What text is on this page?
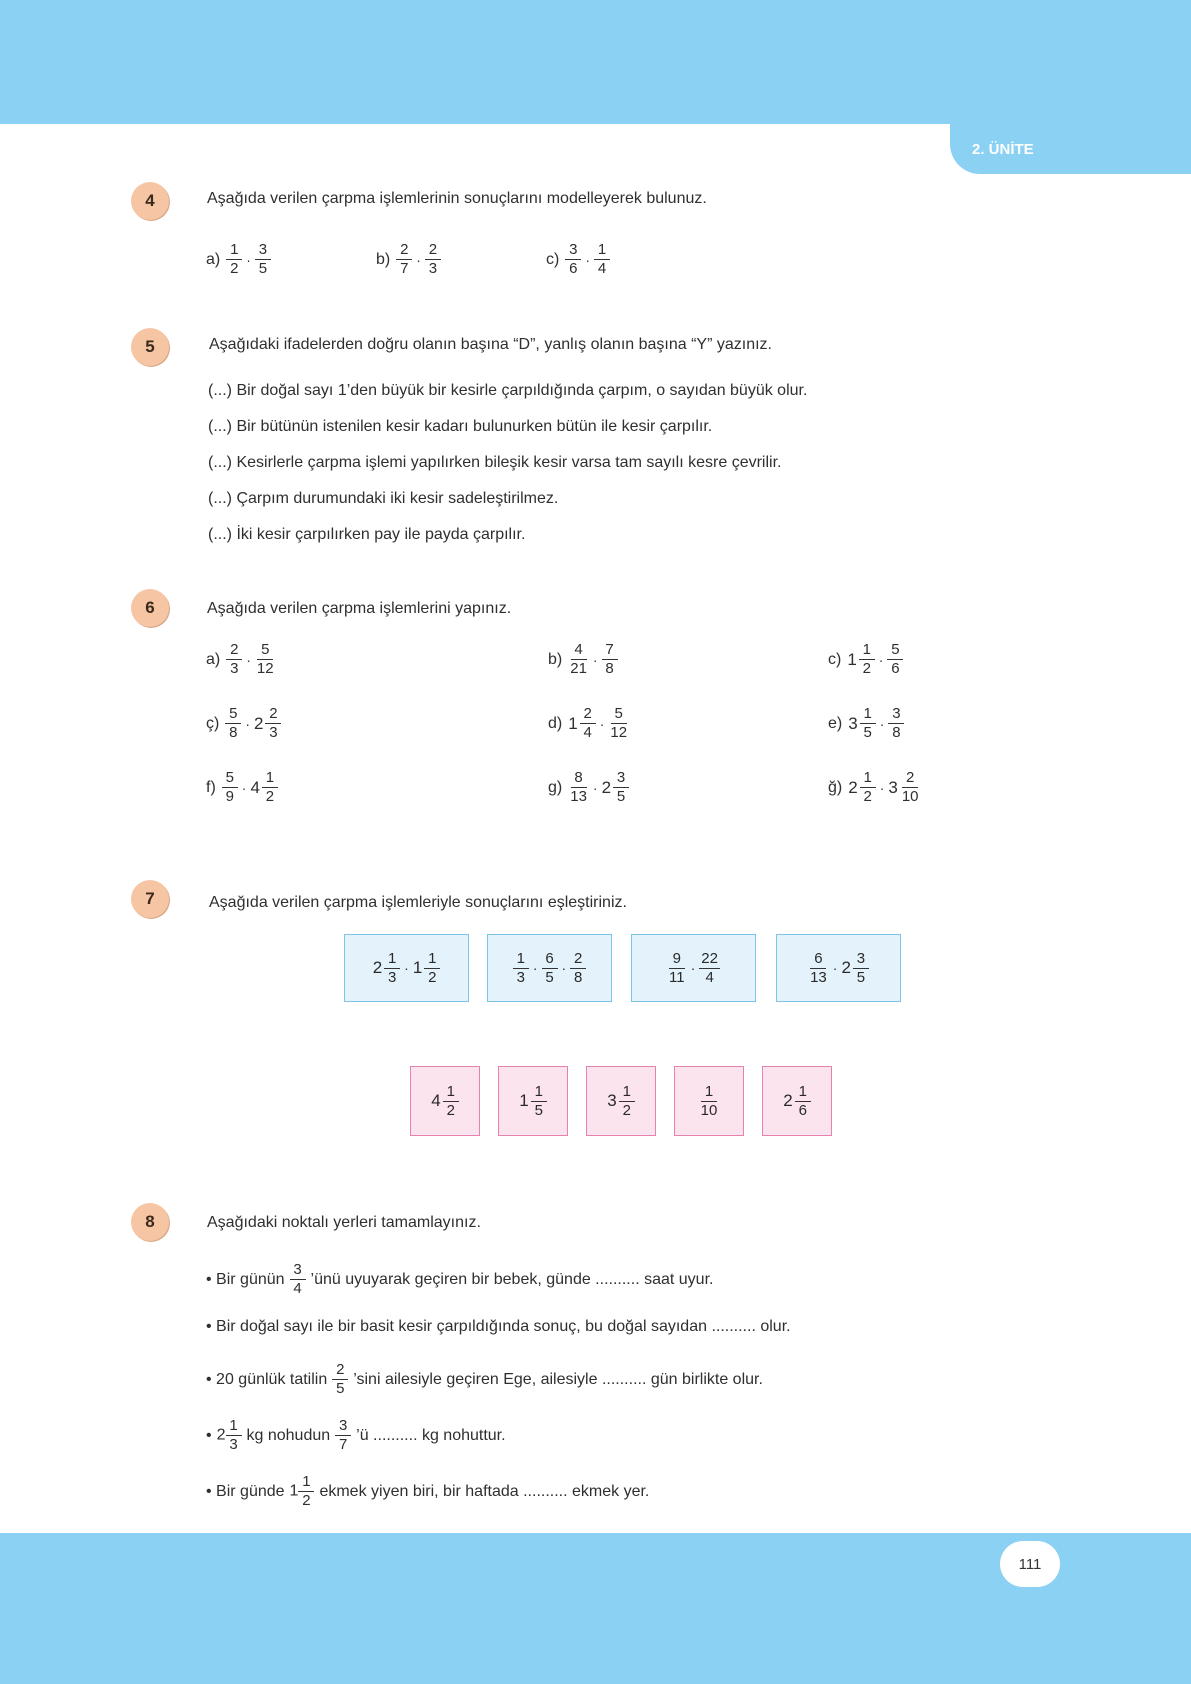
2. ÜNİTE
4	Aşağıda verilen çarpma işlemlerinin sonuçlarını modelleyerek bulunuz.
$a) \frac{1}{2} \cdot \frac{3}{5}$	$b) \frac{2}{7} \cdot \frac{2}{3}$	$c) \frac{3}{6} \cdot \frac{1}{4}$
5	Aşağıdaki ifadelerden doğru olanın başına “D”, yanlış olanın başına “Y” yazınız.
(...) Bir doğal sayı 1’den büyük bir kesirle çarpıldığında çarpım, o sayıdan büyük olur.
(...) Bir bütünün istenilen kesir kadarı bulunurken bütün ile kesir çarpılır.
(...) Kesirlerle çarpma işlemi yapılırken bileşik kesir varsa tam sayılı kesre çevrilir.
(...) Çarpım durumundaki iki kesir sadeleştirilmez.
(...) İki kesir çarpılırken pay ile payda çarpılır.
6	Aşağıda verilen çarpma işlemlerini yapınız.
$a) \frac{2}{3} \cdot \frac{5}{12}$	$b) \frac{4}{21} \cdot \frac{7}{8}$	c) $1 \frac{1}{2} \cdot \frac{5}{6}$
ç) $\frac{5}{8} \cdot 2 \frac{2}{3}$	d) $1 \frac{2}{4} \cdot \frac{5}{12}$	e) $3 \frac{1}{5} \cdot \frac{3}{8}$
$f) \frac{5}{9} \cdot 4 \frac{1}{2}$	$g) \frac{8}{13} \cdot 2 \frac{3}{5}$	ğ) $2 \frac{1}{2} \cdot 3 \frac{2}{10}$
7	Aşağıda verilen çarpma işlemleriyle sonuçlarını eşleştiriniz.
$2 \frac{1}{3} \cdot 1 \frac{1}{2}$	$\frac{1}{3} \cdot \frac{6}{5} \cdot \frac{2}{8}$	$\frac{9}{11} \cdot \frac{22}{4}$	$\frac{6}{13} \cdot 2 \frac{3}{5}$
$4 \frac{1}{2}$	$1 \frac{1}{5}$	$3 \frac{1}{2}$	$\frac{1}{10}$	$2 \frac{1}{6}$
8	Aşağıdaki noktalı yerleri tamamlayınız.
• Bir günün $\frac{3}{4}$ ’ünü uyuyarak geçiren bir bebek, günde .......... saat uyur.
• Bir doğal sayı ile bir basit kesir çarpıldığında sonuç, bu doğal sayıdan .......... olur.
• 20 günlük tatilin $\frac{2}{5}$ ’sini ailesiyle geçiren Ege, ailesiyle .......... gün birlikte olur.
• $2 \frac{1}{3}$ kg nohudun $\frac{3}{7}$ ’ü .......... kg nohuttur.
• Bir günde $1 \frac{1}{2}$ ekmek yiyen biri, bir haftada .......... ekmek yer.
111
